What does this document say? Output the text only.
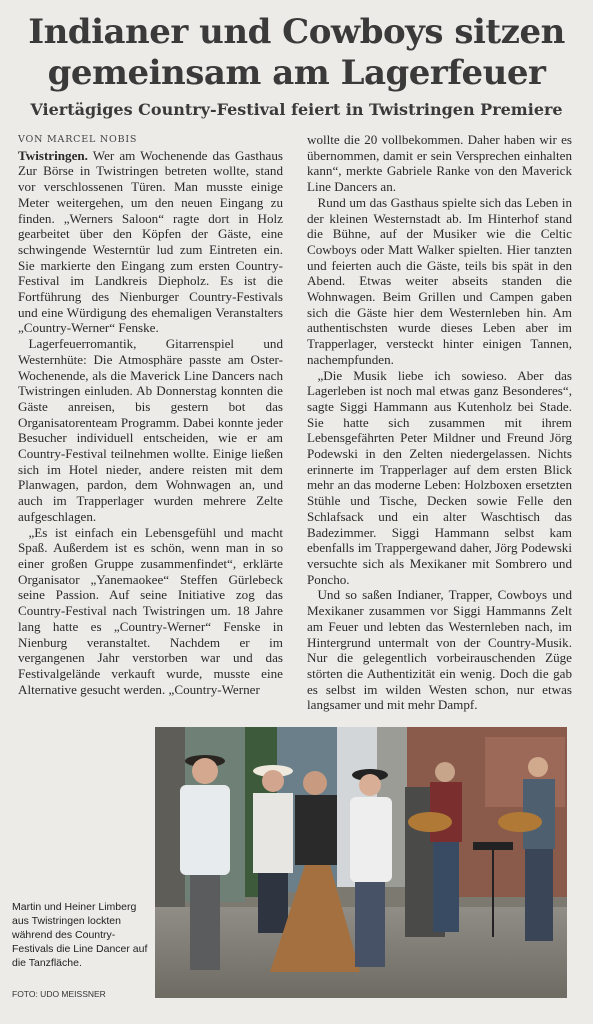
Indianer und Cowboys sitzen
gemeinsam am Lagerfeuer
Viertägiges Country-Festival feiert in Twistringen Premiere

VON MARCEL NOBIS

Twistringen. Wer am Wochenende das Gasthaus Zur Börse in Twistringen betreten wollte, stand vor verschlossenen Türen. Man musste einige Meter weitergehen, um den neuen Eingang zu finden. „Werners Saloon“ ragte dort in Holz gearbeitet über den Köpfen der Gäste, eine schwingende Westerntür lud zum Eintreten ein. Sie markierte den Eingang zum ersten Country-Festival im Landkreis Diepholz. Es ist die Fortführung des Nienburger Country-Festivals und eine Würdigung des ehemaligen Veranstalters „Country-Werner“ Fenske.

Lagerfeuerromantik, Gitarrenspiel und Westernhüte: Die Atmosphäre passte am Oster-Wochenende, als die Maverick Line Dancers nach Twistringen einluden. Ab Donnerstag konnten die Gäste anreisen, bis gestern bot das Organisatorenteam Programm. Dabei konnte jeder Besucher individuell entscheiden, wie er am Country-Festival teilnehmen wollte. Einige ließen sich im Hotel nieder, andere reisten mit dem Planwagen, pardon, dem Wohnwagen an, und auch im Trapperlager wurden mehrere Zelte aufgeschlagen.

„Es ist einfach ein Lebensgefühl und macht Spaß. Außerdem ist es schön, wenn man in so einer großen Gruppe zusammenfindet“, erklärte Organisator „Yanemaokee“ Steffen Gürlebeck seine Passion. Auf seine Initiative zog das Country-Festival nach Twistringen um. 18 Jahre lang hatte es „Country-Werner“ Fenske in Nienburg veranstaltet. Nachdem er im vergangenen Jahr verstorben war und das Festivalgelände verkauft wurde, musste eine Alternative gesucht werden. „Country-Werner

wollte die 20 vollbekommen. Daher haben wir es übernommen, damit er sein Versprechen einhalten kann“, merkte Gabriele Ranke von den Maverick Line Dancers an.

Rund um das Gasthaus spielte sich das Leben in der kleinen Westernstadt ab. Im Hinterhof stand die Bühne, auf der Musiker wie die Celtic Cowboys oder Matt Walker spielten. Hier tanzten und feierten auch die Gäste, teils bis spät in den Abend. Etwas weiter abseits standen die Wohnwagen. Beim Grillen und Campen gaben sich die Gäste hier dem Westernleben hin. Am authentischsten wurde dieses Leben aber im Trapperlager, versteckt hinter einigen Tannen, nachempfunden.

„Die Musik liebe ich sowieso. Aber das Lagerleben ist noch mal etwas ganz Besonderes“, sagte Siggi Hammann aus Kutenholz bei Stade. Sie hatte sich zusammen mit ihrem Lebensgefährten Peter Mildner und Freund Jörg Podewski in den Zelten niedergelassen. Nichts erinnerte im Trapperlager auf dem ersten Blick mehr an das moderne Leben: Holzboxen ersetzten Stühle und Tische, Decken sowie Felle den Schlafsack und ein alter Waschtisch das Badezimmer. Siggi Hammann selbst kam ebenfalls im Trappergewand daher, Jörg Podewski versuchte sich als Mexikaner mit Sombrero und Poncho.

Und so saßen Indianer, Trapper, Cowboys und Mexikaner zusammen vor Siggi Hammanns Zelt am Feuer und lebten das Westernleben nach, im Hintergrund untermalt von der Country-Musik. Nur die gelegentlich vorbeirauschenden Züge störten die Authentizität ein wenig. Doch die gab es selbst im wilden Westen schon, nur etwas langsamer und mit mehr Dampf.

Martin und Heiner Limberg aus Twistringen lockten während des Country-Festivals die Line Dancer auf die Tanzfläche.
FOTO: UDO MEISSNER
